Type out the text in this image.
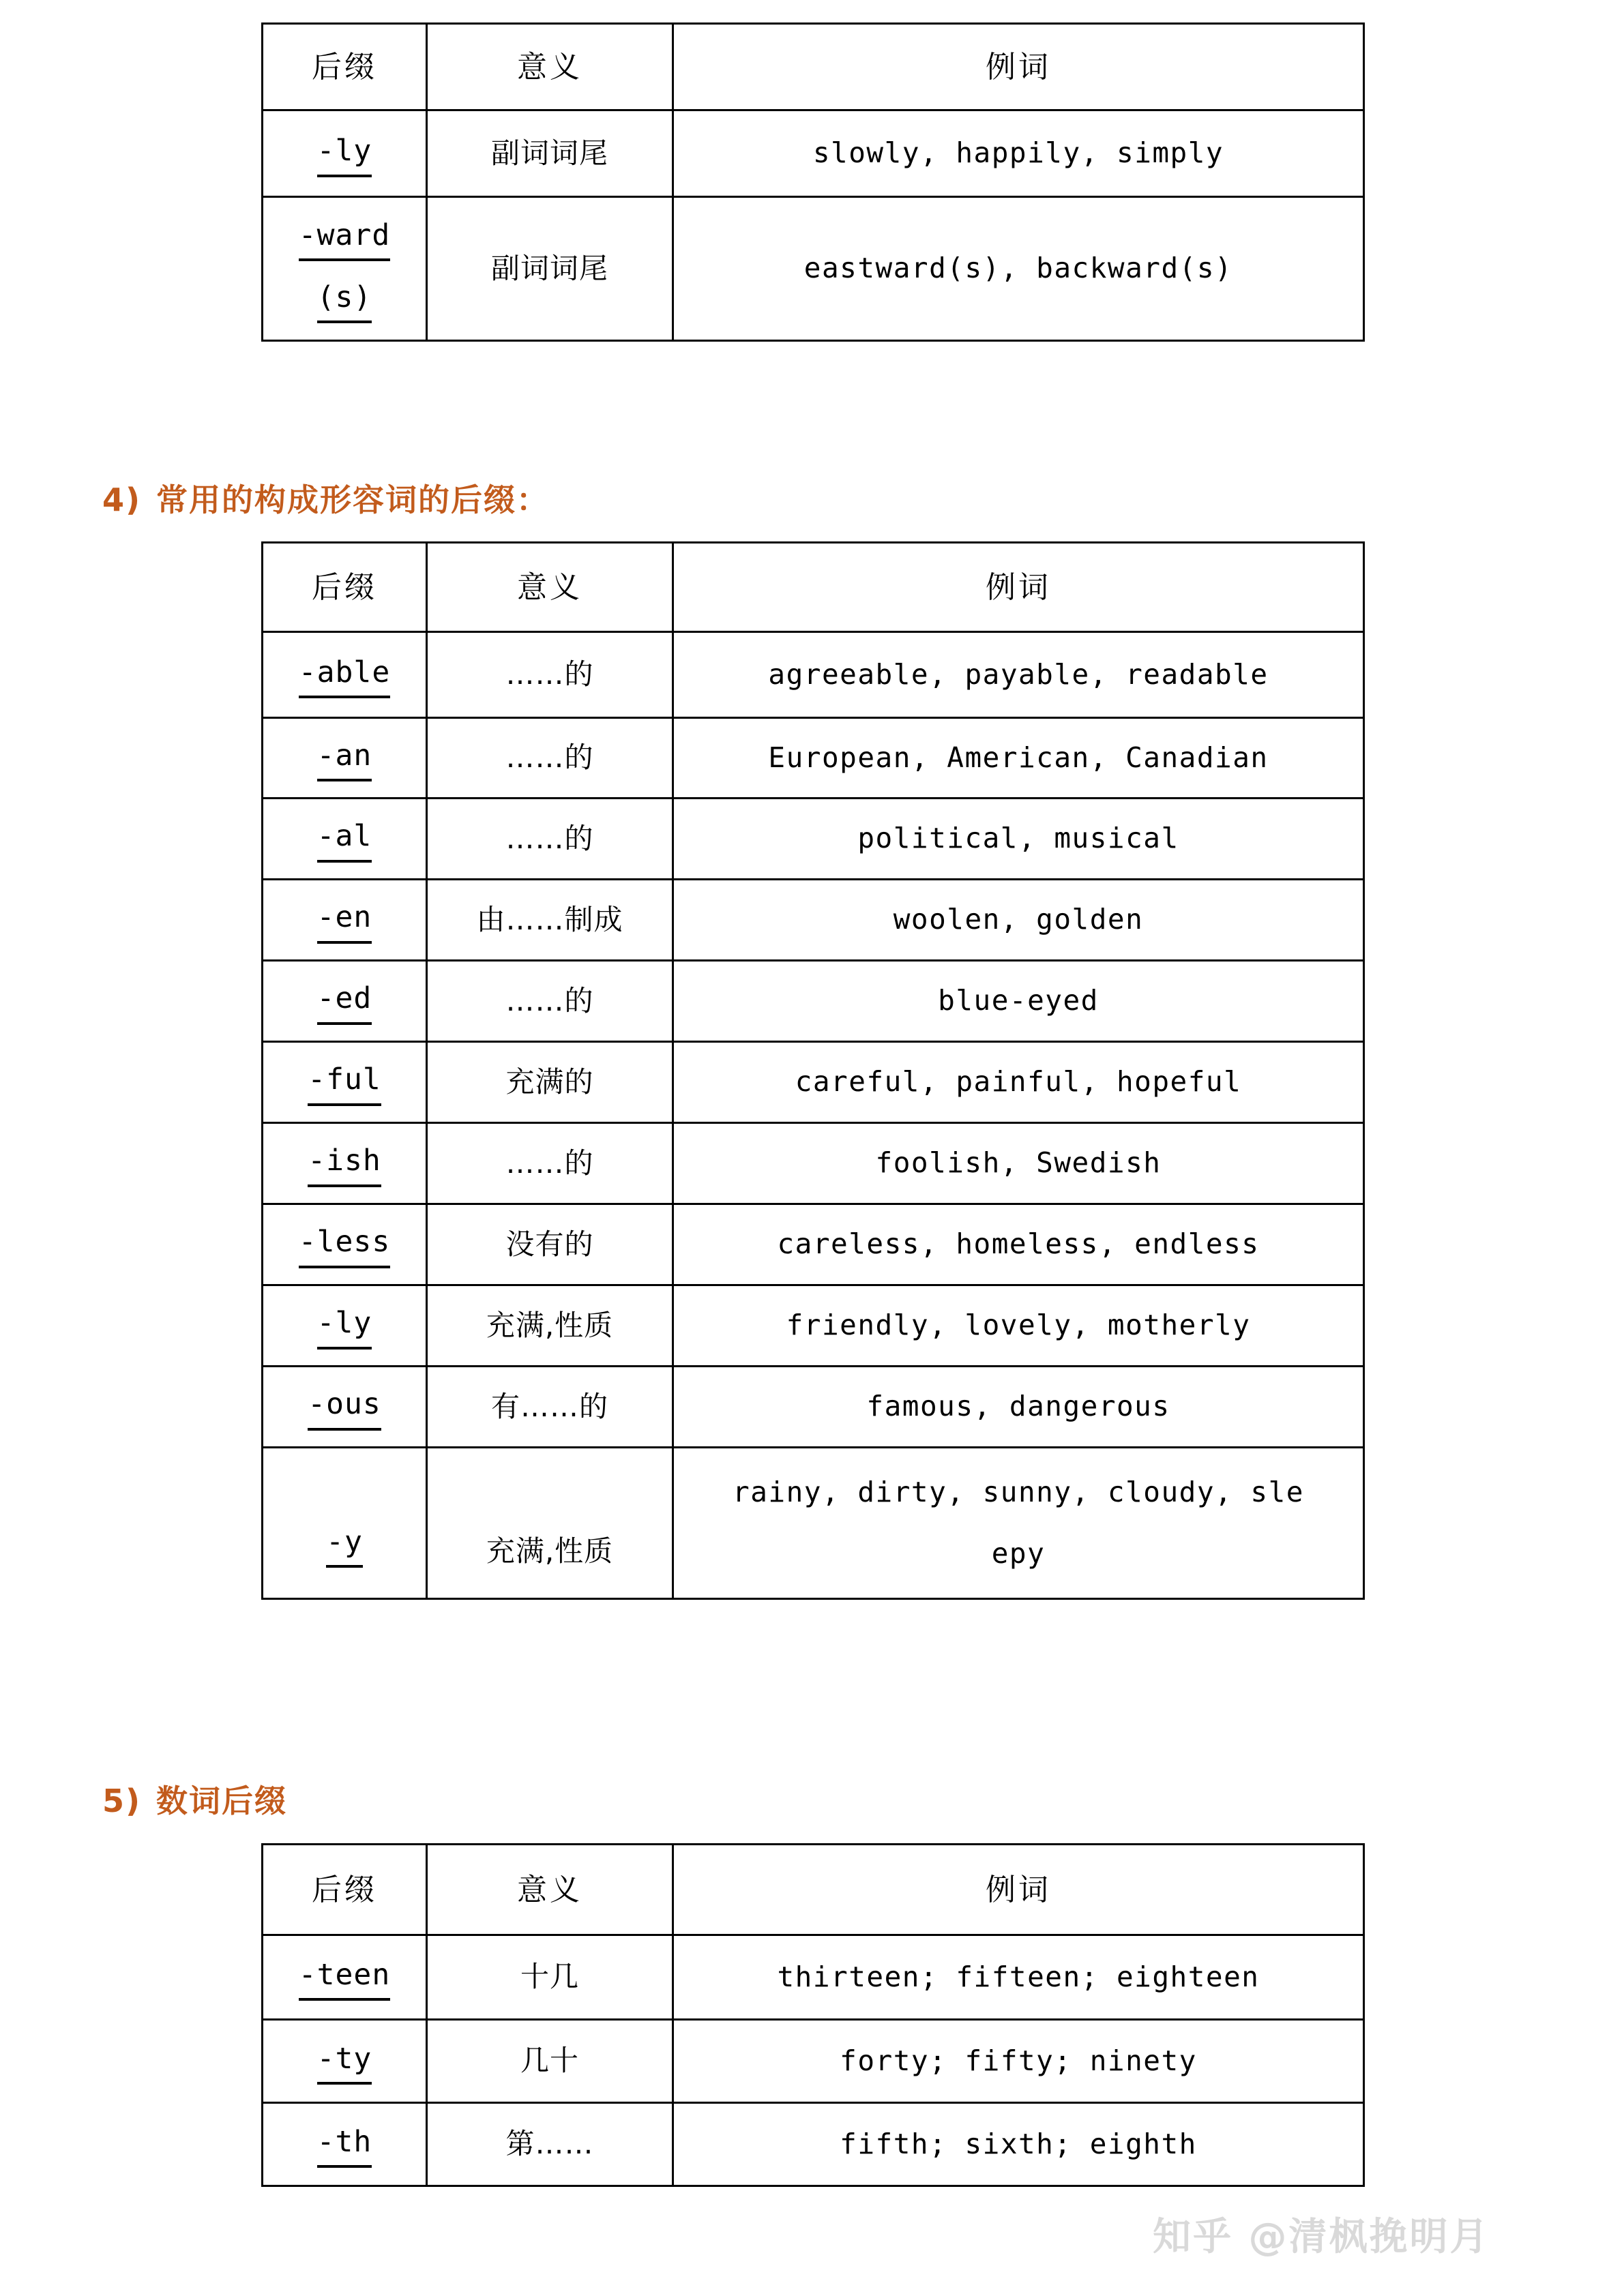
后缀	意义	例词

-ly	副词词尾	slowly, happily, simply

-ward
(s)	副词词尾	eastward(s), backward(s)
4) 常用的构成形容词的后缀：
后缀	意义	例词

-able	……的	agreeable, payable, readable

-an	……的	European, American, Canadian

-al	……的	political, musical

-en	由……制成	woolen, golden

-ed	……的	blue-eyed

-ful	充满的	careful, painful, hopeful

-ish	……的	foolish, Swedish

-less	没有的	careless, homeless, endless

-ly	充满,性质	friendly, lovely, motherly

-ous	有……的	famous, dangerous

-y	充满,性质	rainy, dirty, sunny, cloudy, sle
epy
5) 数词后缀
后缀	意义	例词

-teen	十几	thirteen; fifteen; eighteen

-ty	几十	forty; fifty; ninety

-th	第……	fifth; sixth; eighth
知乎 @清枫挽明月
